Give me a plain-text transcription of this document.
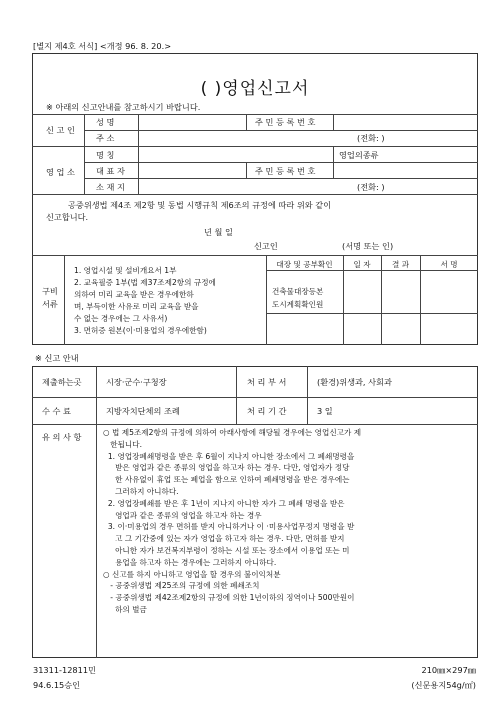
[별지 제4호 서식] <개정 96. 8. 20.>
( )영업신고서
※ 아래의 신고안내를 참고하시기 바랍니다.
신 고 인
성 명	주 민 등 록 번 호
주 소	(전화: )
영 업 소
명 칭	영업의종류
대 표 자	주 민 등 록 번 호
소 재 지	(전화: )
공중위생법 제4조 제2항 및 동법 시행규칙 제6조의 규정에 따라 위와 같이
신고합니다.
년 월 일
신고인	(서명 또는 인)
구비
서류
1. 영업시설 및 설비개요서 1부
2. 교육필증 1부(법 제37조제2항의 규정에
의하여 미리 교육을 받은 경우에한하
며, 부득이한 사유로 미리 교육을 받을
수 없는 경우에는 그 사유서)
3. 면허증 원본(이·미용업의 경우에한함)
대장 및 공부확인	일 자	결 과	서 명
건축물대장등본
도시계획확인원
※ 신고 안내
제출하는곳	시장·군수·구청장	처 리 부 서	(환경)위생과, 사회과
수 수 료	지방자치단체의 조례	처 리 기 간	3 일
유 의 사 항	○ 법 제5조제2항의 규정에 의하여 아래사항에 해당될 경우에는 영업신고가 제
한됩니다.
1. 영업장폐쇄명령을 받은 후 6월이 지나지 아니한 장소에서 그 폐쇄명령을
받은 영업과 같은 종류의 영업을 하고자 하는 경우. 다만, 영업자가 정당
한 사유없이 휴업 또는 폐업을 함으로 인하여 폐쇄명령을 받은 경우에는
그러하지 아니하다.
2. 영업장폐쇄를 받은 후 1년이 지나지 아니한 자가 그 폐쇄 명령을 받은
영업과 같은 종류의 영업을 하고자 하는 경우
3. 이·미용업의 경우 면허를 받지 아니하거나 이 ·미용사업무정지 명령을 받
고 그 기간중에 있는 자가 영업을 하고자 하는 경우. 다만, 면허를 받지
아니한 자가 보건복지부령이 정하는 시설 또는 장소에서 이용업 또는 미
용업을 하고자 하는 경우에는 그러하지 아니하다.
○ 신고를 하지 아니하고 영업을 할 경우의 불이익처분
- 공중위생법 제25조의 규정에 의한 폐쇄조치
- 공중위생법 제42조제2항의 규정에 의한 1년이하의 징역이나 500만원이
하의 벌금
31311-12811민
94.6.15승인
210㎜×297㎜
(신문용지54g/㎡)
